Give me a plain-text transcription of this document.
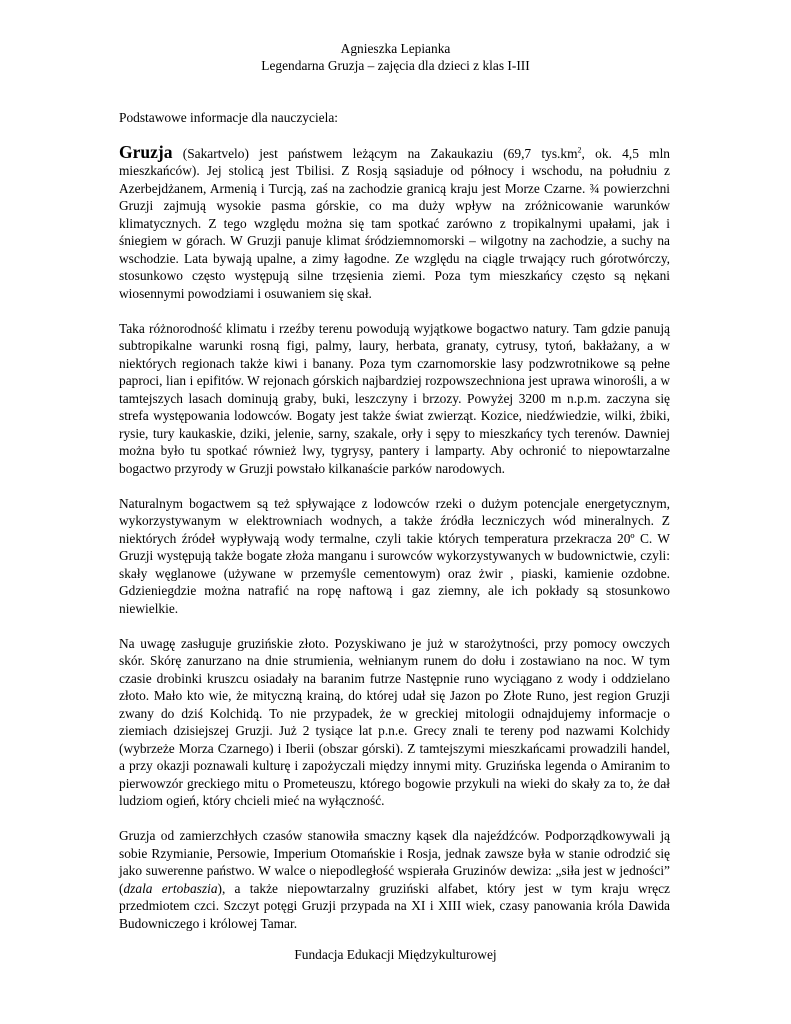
Agnieszka Lepianka
Legendarna Gruzja – zajęcia dla dzieci z klas I-III
Podstawowe informacje dla nauczyciela:

Gruzja (Sakartvelo) jest państwem leżącym na Zakaukaziu (69,7 $tys.km^2$, ok. 4,5 mln mieszkańców). Jej stolicą jest Tbilisi. Z Rosją sąsiaduje od północy i wschodu, na południu z Azerbejdżanem, Armenią i Turcją, zaś na zachodzie granicą kraju jest Morze Czarne. ¾ powierzchni Gruzji zajmują wysokie pasma górskie, co ma duży wpływ na zróżnicowanie warunków klimatycznych. Z tego względu można się tam spotkać zarówno z tropikalnymi upałami, jak i śniegiem w górach. W Gruzji panuje klimat śródziemnomorski – wilgotny na zachodzie, a suchy na wschodzie. Lata bywają upalne, a zimy łagodne. Ze względu na ciągle trwający ruch górotwórczy, stosunkowo często występują silne trzęsienia ziemi. Poza tym mieszkańcy często są nękani wiosennymi powodziami i osuwaniem się skał.

Taka różnorodność klimatu i rzeźby terenu powodują wyjątkowe bogactwo natury. Tam gdzie panują subtropikalne warunki rosną figi, palmy, laury, herbata, granaty, cytrusy, tytoń, bakłażany, a w niektórych regionach także kiwi i banany. Poza tym czarnomorskie lasy podzwrotnikowe są pełne paproci, lian i epifitów. W rejonach górskich najbardziej rozpowszechniona jest uprawa winorośli, a w tamtejszych lasach dominują graby, buki, leszczyny i brzozy. Powyżej 3200 m n.p.m. zaczyna się strefa występowania lodowców. Bogaty jest także świat zwierząt. Kozice, niedźwiedzie, wilki, żbiki, rysie, tury kaukaskie, dziki, jelenie, sarny, szakale, orły i sępy to mieszkańcy tych terenów. Dawniej można było tu spotkać również lwy, tygrysy, pantery i lamparty. Aby ochronić to niepowtarzalne bogactwo przyrody w Gruzji powstało kilkanaście parków narodowych.

Naturalnym bogactwem są też spływające z lodowców rzeki o dużym potencjale energetycznym, wykorzystywanym w elektrowniach wodnych, a także źródła leczniczych wód mineralnych. Z niektórych źródeł wypływają wody termalne, czyli takie których temperatura przekracza 20º C. W Gruzji występują także bogate złoża manganu i surowców wykorzystywanych w budownictwie, czyli: skały węglanowe (używane w przemyśle cementowym) oraz żwir , piaski, kamienie ozdobne. Gdzieniegdzie można natrafić na ropę naftową i gaz ziemny, ale ich pokłady są stosunkowo niewielkie.

Na uwagę zasługuje gruzińskie złoto. Pozyskiwano je już w starożytności, przy pomocy owczych skór. Skórę zanurzano na dnie strumienia, wełnianym runem do dołu i zostawiano na noc. W tym czasie drobinki kruszcu osiadały na baranim futrze Następnie runo wyciągano z wody i oddzielano złoto. Mało kto wie, że mityczną krainą, do której udał się Jazon po Złote Runo, jest region Gruzji zwany do dziś Kolchidą. To nie przypadek, że w greckiej mitologii odnajdujemy informacje o ziemiach dzisiejszej Gruzji. Już 2 tysiące lat p.n.e. Grecy znali te tereny pod nazwami Kolchidy (wybrzeże Morza Czarnego) i Iberii (obszar górski). Z tamtejszymi mieszkańcami prowadzili handel, a przy okazji poznawali kulturę i zapożyczali między innymi mity. Gruzińska legenda o Amiranim to pierwowzór greckiego mitu o Prometeuszu, którego bogowie przykuli na wieki do skały za to, że dał ludziom ogień, który chcieli mieć na wyłączność.

Gruzja od zamierzchłych czasów stanowiła smaczny kąsek dla najeźdźców. Podporządkowywali ją sobie Rzymianie, Persowie, Imperium Otomańskie i Rosja, jednak zawsze była w stanie odrodzić się jako suwerenne państwo. W walce o niepodległość wspierała Gruzinów dewiza: „siła jest w jedności” (dzala ertobaszia), a także niepowtarzalny gruziński alfabet, który jest w tym kraju wręcz przedmiotem czci. Szczyt potęgi Gruzji przypada na XI i XIII wiek, czasy panowania króla Dawida Budowniczego i królowej Tamar.

Fundacja Edukacji Międzykulturowej
